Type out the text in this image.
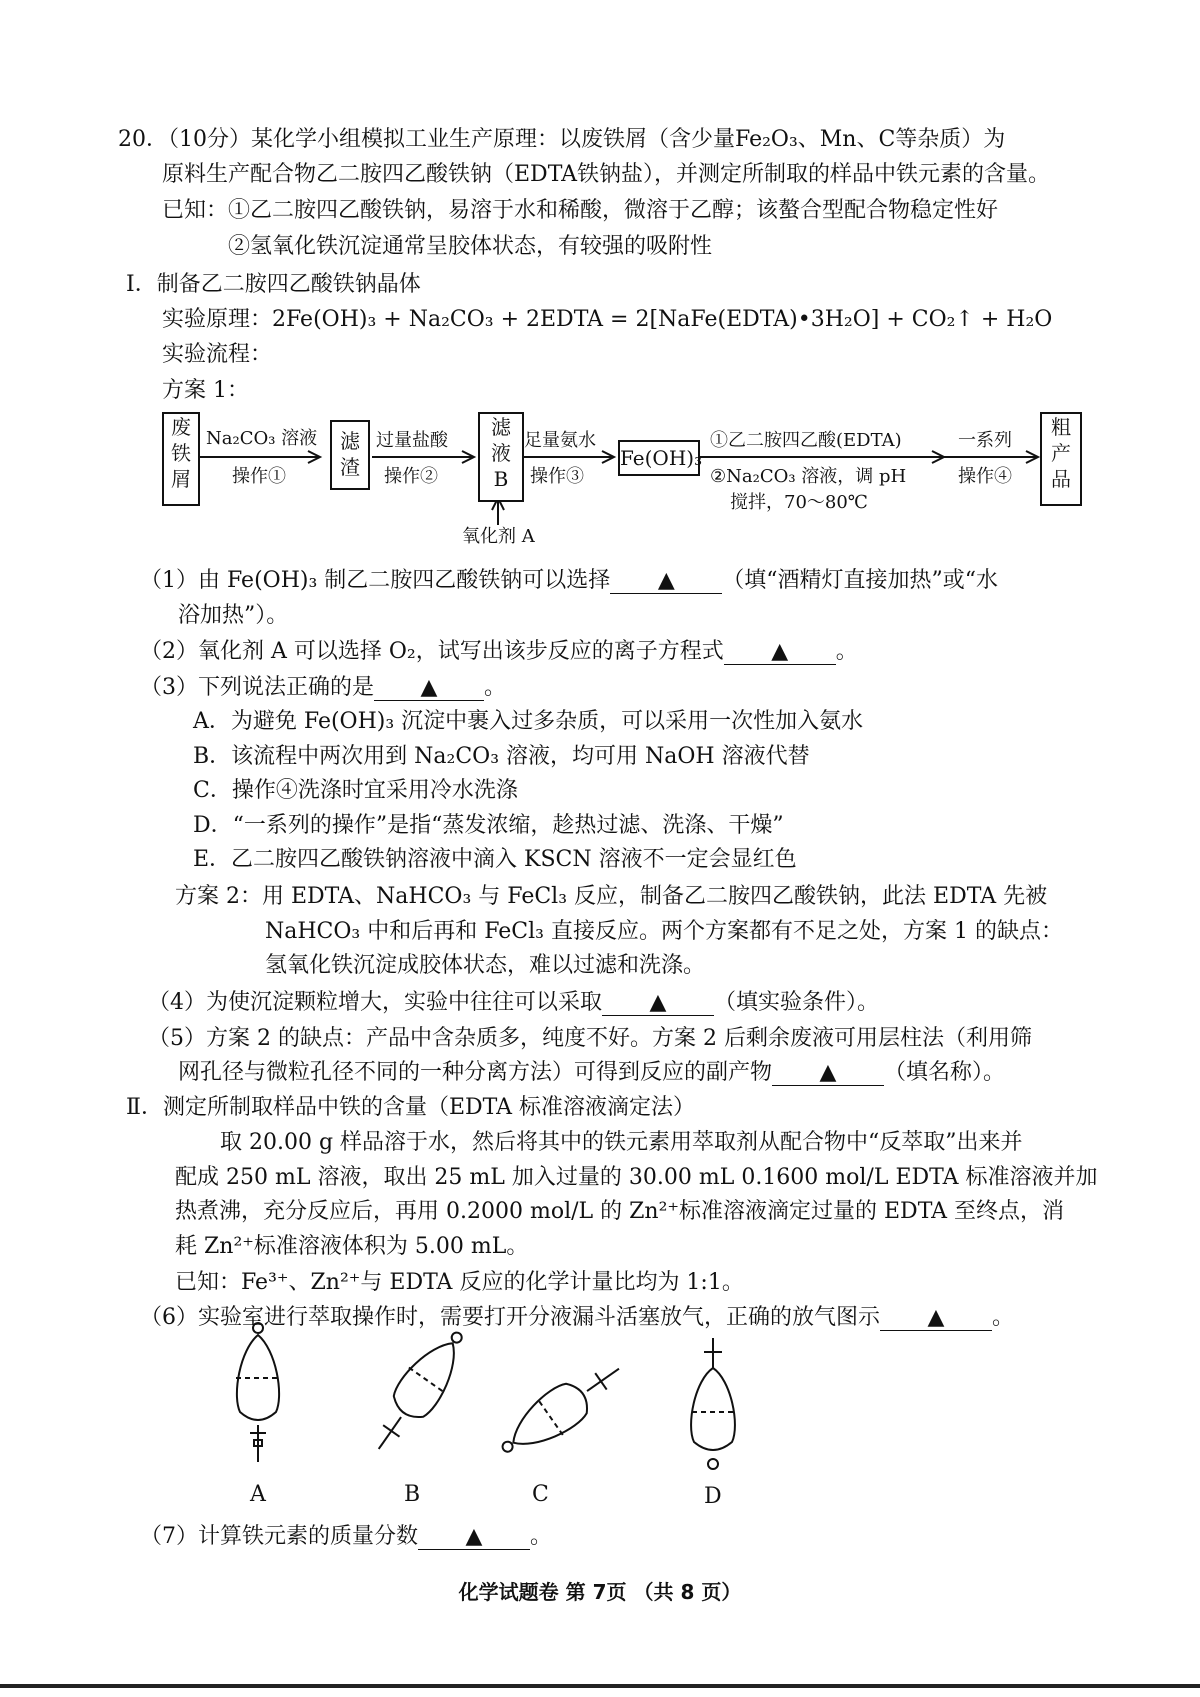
20．（10分）某化学小组模拟工业生产原理：以废铁屑（含少量Fe₂O₃、Mn、C等杂质）为
原料生产配合物乙二胺四乙酸铁钠（EDTA铁钠盐），并测定所制取的样品中铁元素的含量。
已知：①乙二胺四乙酸铁钠，易溶于水和稀酸，微溶于乙醇；该螯合型配合物稳定性好
②氢氧化铁沉淀通常呈胶体状态，有较强的吸附性
Ⅰ．制备乙二胺四乙酸铁钠晶体
实验原理：2Fe(OH)₃ + Na₂CO₃ + 2EDTA = 2[NaFe(EDTA)•3H₂O] + CO₂↑ + H₂O
实验流程：
方案 1：
废
铁
屑
滤
渣
滤
液
B
Fe(OH)₃
粗
产
品
Na₂CO₃ 溶液
操作①
过量盐酸
操作②
足量氨水
操作③
①乙二胺四乙酸(EDTA)
②Na₂CO₃ 溶液，调 pH
搅拌，70～80℃
一系列
操作④
氧化剂 A
（1）由 Fe(OH)₃ 制乙二胺四乙酸铁钠可以选择 ▲ （填“酒精灯直接加热”或“水
浴加热”）。
（2）氧化剂 A 可以选择 O₂，试写出该步反应的离子方程式 ▲ 。
（3）下列说法正确的是 ▲ 。
A．为避免 Fe(OH)₃ 沉淀中裹入过多杂质，可以采用一次性加入氨水
B．该流程中两次用到 Na₂CO₃ 溶液，均可用 NaOH 溶液代替
C．操作④洗涤时宜采用冷水洗涤
D．“一系列的操作”是指“蒸发浓缩，趁热过滤、洗涤、干燥”
E．乙二胺四乙酸铁钠溶液中滴入 KSCN 溶液不一定会显红色
方案 2：用 EDTA、NaHCO₃ 与 FeCl₃ 反应，制备乙二胺四乙酸铁钠，此法 EDTA 先被
NaHCO₃ 中和后再和 FeCl₃ 直接反应。两个方案都有不足之处，方案 1 的缺点：
氢氧化铁沉淀成胶体状态，难以过滤和洗涤。
（4）为使沉淀颗粒增大，实验中往往可以采取 ▲ （填实验条件）。
（5）方案 2 的缺点：产品中含杂质多，纯度不好。方案 2 后剩余废液可用层柱法（利用筛
网孔径与微粒孔径不同的一种分离方法）可得到反应的副产物 ▲ （填名称）。
Ⅱ．测定所制取样品中铁的含量（EDTA 标准溶液滴定法）
取 20.00 g 样品溶于水，然后将其中的铁元素用萃取剂从配合物中“反萃取”出来并
配成 250 mL 溶液，取出 25 mL 加入过量的 30.00 mL 0.1600 mol/L EDTA 标准溶液并加
热煮沸，充分反应后，再用 0.2000 mol/L 的 Zn²⁺标准溶液滴定过量的 EDTA 至终点，消
耗 Zn²⁺标准溶液体积为 5.00 mL。
已知：Fe³⁺、Zn²⁺与 EDTA 反应的化学计量比均为 1:1。
（6）实验室进行萃取操作时，需要打开分液漏斗活塞放气，正确的放气图示 ▲ 。
A	B	C	D
（7）计算铁元素的质量分数 ▲ 。
化学试题卷 第 7页 （共 8 页）
